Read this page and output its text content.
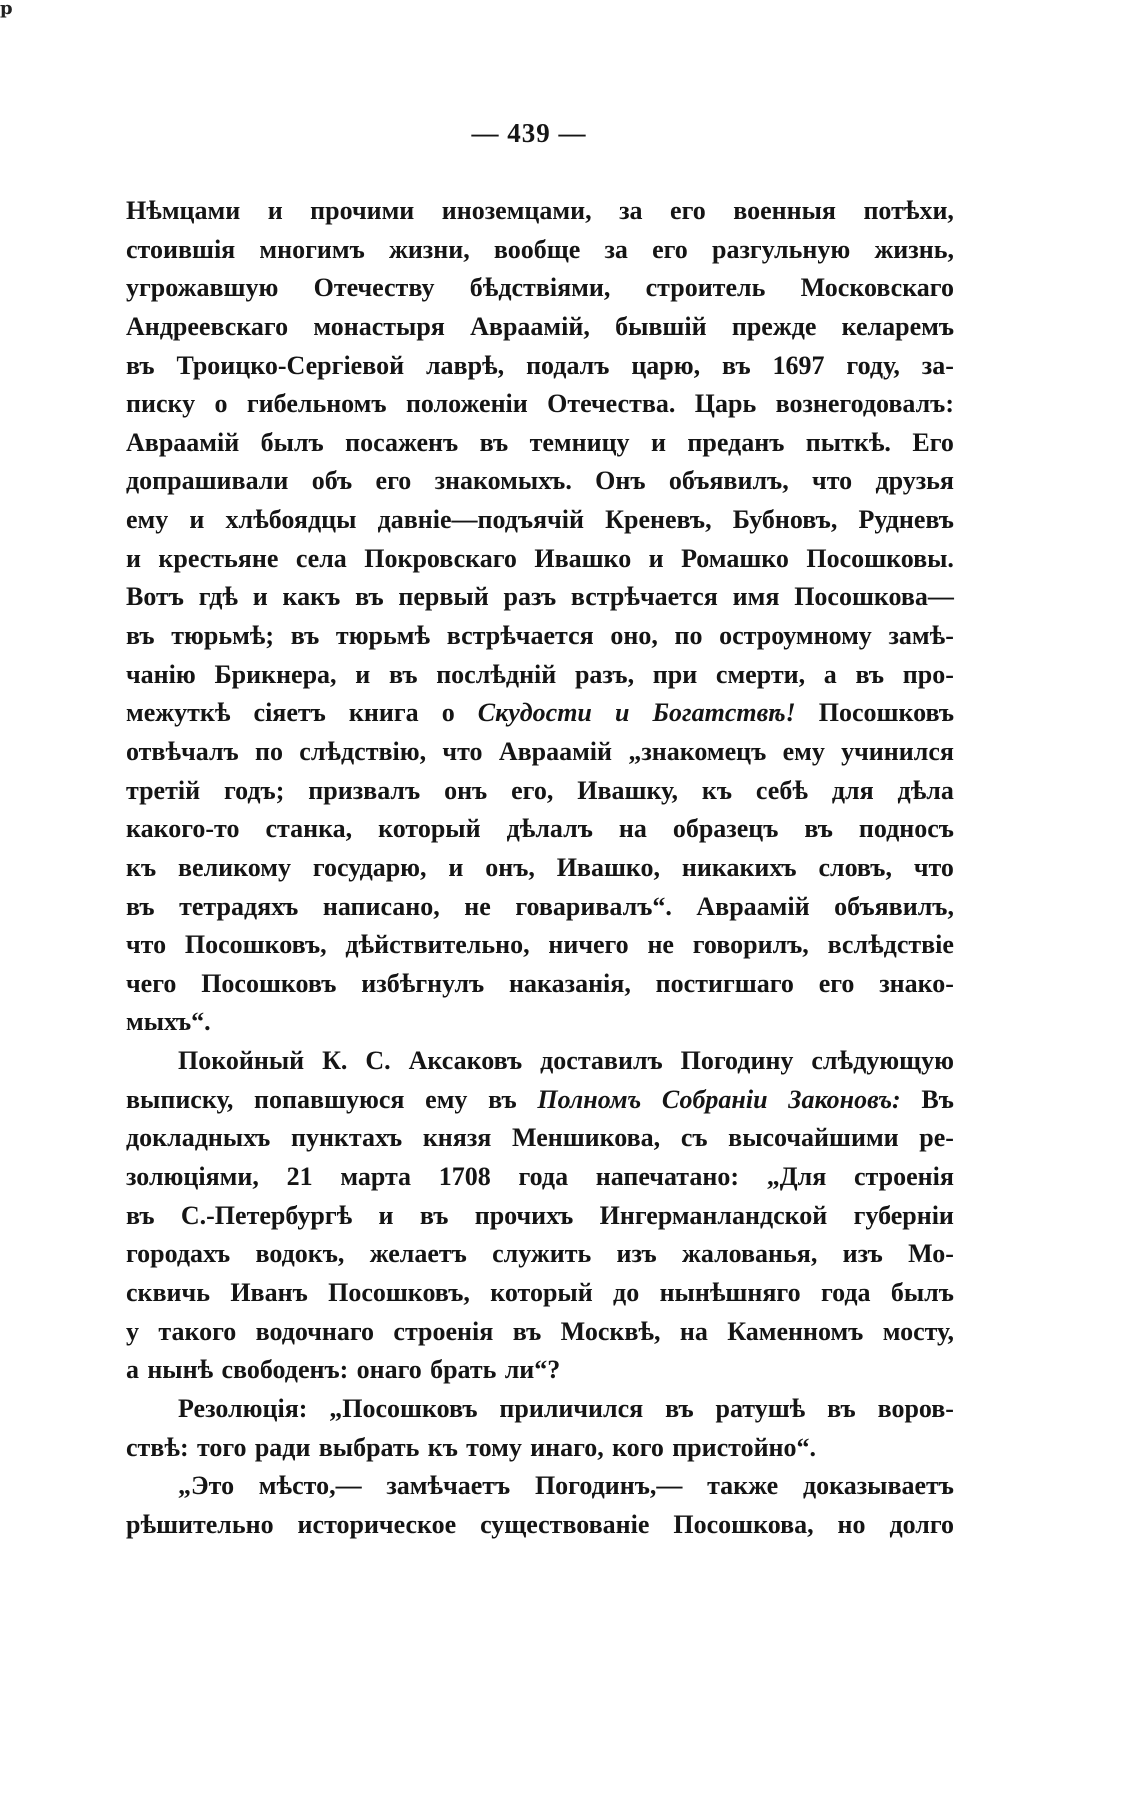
р
— 439 —
Нѣмцами и прочими иноземцами, за его военныя потѣхи,
стоившія многимъ жизни, вообще за его разгульную жизнь,
угрожавшую Отечеству бѣдствіями, строитель Московскаго
Андреевскаго монастыря Авраамій, бывшій прежде келаремъ
въ Троицко-Сергіевой лаврѣ, подалъ царю, въ 1697 году, за-
писку о гибельномъ положеніи Отечества. Царь вознегодовалъ:
Авраамій былъ посаженъ въ темницу и преданъ пыткѣ. Его
допрашивали объ его знакомыхъ. Онъ объявилъ, что друзья
ему и хлѣбоядцы давніе—подъячій Креневъ, Бубновъ, Рудневъ
и крестьяне села Покровскаго Ивашко и Ромашко Посошковы.
Вотъ гдѣ и какъ въ первый разъ встрѣчается имя Посошкова—
въ тюрьмѣ; въ тюрьмѣ встрѣчается оно, по остроумному замѣ-
чанію Брикнера, и въ послѣдній разъ, при смерти, а въ про-
межуткѣ сіяетъ книга о Скудости и Богатствѣ! Посошковъ
отвѣчалъ по слѣдствію, что Авраамій „знакомецъ ему учинился
третій годъ; призвалъ онъ его, Ивашку, къ себѣ для дѣла
какого-то станка, который дѣлалъ на образецъ въ подносъ
къ великому государю, и онъ, Ивашко, никакихъ словъ, что
въ тетрадяхъ написано, не говаривалъ“. Авраамій объявилъ,
что Посошковъ, дѣйствительно, ничего не говорилъ, вслѣдствіе
чего Посошковъ избѣгнулъ наказанія, постигшаго его знако-
мыхъ“.
Покойный К. С. Аксаковъ доставилъ Погодину слѣдующую
выписку, попавшуюся ему въ Полномъ Собраніи Законовъ: Въ
докладныхъ пунктахъ князя Меншикова, съ высочайшими ре-
золюціями, 21 марта 1708 года напечатано: „Для строенія
въ С.-Петербургѣ и въ прочихъ Ингерманландской губерніи
городахъ водокъ, желаетъ служить изъ жалованья, изъ Мо-
сквичь Иванъ Посошковъ, который до нынѣшняго года былъ
у такого водочнаго строенія въ Москвѣ, на Каменномъ мосту,
а нынѣ свободенъ: онаго брать ли“?
Резолюція: „Посошковъ приличился въ ратушѣ въ воров-
ствѣ: того ради выбрать къ тому инаго, кого пристойно“.
„Это мѣсто,— замѣчаетъ Погодинъ,— также доказываетъ
рѣшительно историческое существованіе Посошкова, но долго
